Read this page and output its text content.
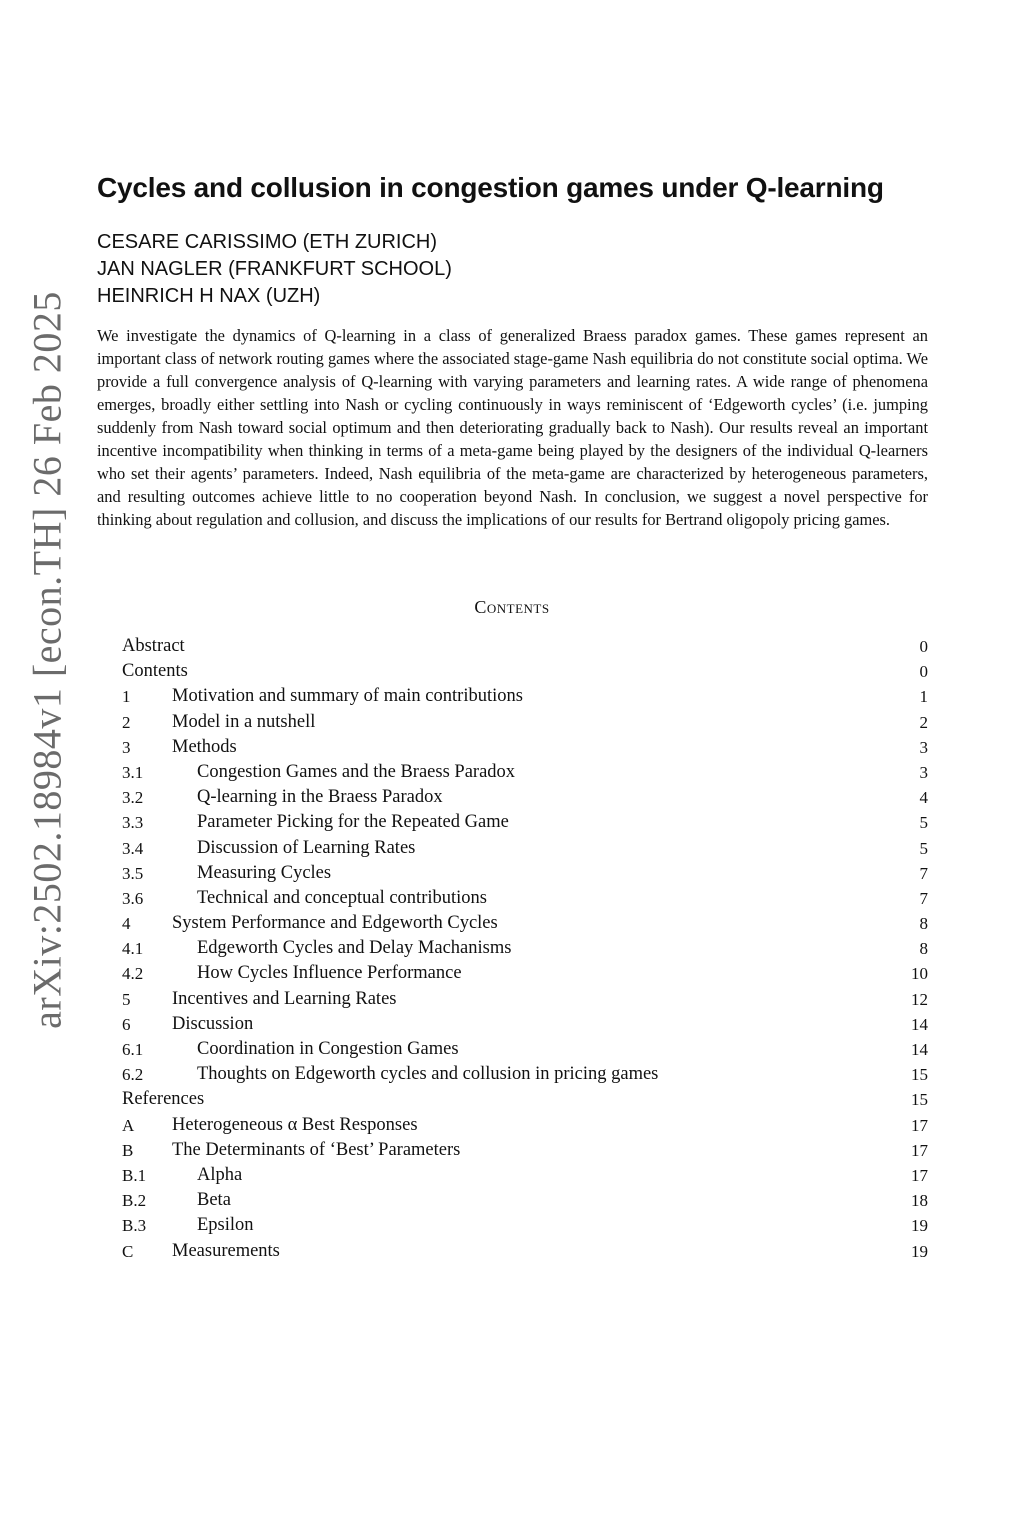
arXiv:2502.18984v1 [econ.TH] 26 Feb 2025
Cycles and collusion in congestion games under Q-learning
CESARE CARISSIMO (ETH ZURICH)
JAN NAGLER (FRANKFURT SCHOOL)
HEINRICH H NAX (UZH)

We investigate the dynamics of Q-learning in a class of generalized Braess paradox games. These games represent an important class of network routing games where the associated stage-game Nash equilibria do not constitute social optima. We provide a full convergence analysis of Q-learning with varying parameters and learning rates. A wide range of phenomena emerges, broadly either settling into Nash or cycling continuously in ways reminiscent of ‘Edgeworth cycles’ (i.e. jumping suddenly from Nash toward social optimum and then deteriorating gradually back to Nash). Our results reveal an important incentive incompatibility when thinking in terms of a meta-game being played by the designers of the individual Q-learners who set their agents’ parameters. Indeed, Nash equilibria of the meta-game are characterized by heterogeneous parameters, and resulting outcomes achieve little to no cooperation beyond Nash. In conclusion, we suggest a novel perspective for thinking about regulation and collusion, and discuss the implications of our results for Bertrand oligopoly pricing games.

Contents
Abstract	0
Contents	0
1 Motivation and summary of main contributions	1
2 Model in a nutshell	2
3 Methods	3
3.1	Congestion Games and the Braess Paradox	3
3.2	Q-learning in the Braess Paradox	4
3.3	Parameter Picking for the Repeated Game	5
3.4	Discussion of Learning Rates	5
3.5	Measuring Cycles	7
3.6	Technical and conceptual contributions	7
4 System Performance and Edgeworth Cycles	8
4.1	Edgeworth Cycles and Delay Machanisms	8
4.2	How Cycles Influence Performance	10
5 Incentives and Learning Rates	12
6 Discussion	14
6.1	Coordination in Congestion Games	14
6.2	Thoughts on Edgeworth cycles and collusion in pricing games	15
References	15
A Heterogeneous α Best Responses	17
B The Determinants of ‘Best’ Parameters	17
B.1	Alpha	17
B.2	Beta	18
B.3	Epsilon	19
C Measurements	19
